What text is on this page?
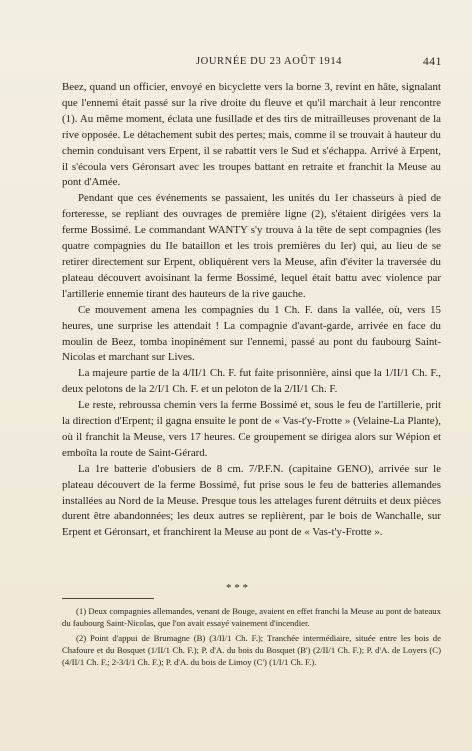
JOURNÉE DU 23 AOÛT 1914	441

Beez, quand un officier, envoyé en bicyclette vers la borne 3, revint en hâte, signalant que l'ennemi était passé sur la rive droite du fleuve et qu'il marchait à leur rencontre (1). Au même moment, éclata une fusillade et des tirs de mitrailleuses provenant de la rive opposée. Le détachement subit des pertes; mais, comme il se trouvait à hauteur du chemin conduisant vers Erpent, il se rabattit vers le Sud et s'échappa. Arrivé à Erpent, il s'écoula vers Géronsart avec les troupes battant en retraite et franchit la Meuse au pont d'Amée.

Pendant que ces événements se passaient, les unités du 1er chasseurs à pied de forteresse, se repliant des ouvrages de première ligne (2), s'étaient dirigées vers la ferme Bossimé. Le commandant WANTY s'y trouva à la tête de sept compagnies (les quatre compagnies du IIe bataillon et les trois premières du Ier) qui, au lieu de se retirer directement sur Erpent, obliquèrent vers la Meuse, afin d'éviter la traversée du plateau découvert avoisinant la ferme Bossimé, lequel était battu avec violence par l'artillerie ennemie tirant des hauteurs de la rive gauche.

Ce mouvement amena les compagnies du 1 Ch. F. dans la vallée, où, vers 15 heures, une surprise les attendait ! La compagnie d'avant-garde, arrivée en face du moulin de Beez, tomba inopinément sur l'ennemi, passé au pont du faubourg Saint-Nicolas et marchant sur Lives.

La majeure partie de la 4/II/1 Ch. F. fut faite prisonnière, ainsi que la 1/II/1 Ch. F., deux pelotons de la 2/I/1 Ch. F. et un peloton de la 2/II/1 Ch. F.

Le reste, rebroussa chemin vers la ferme Bossimé et, sous le feu de l'artillerie, prit la direction d'Erpent; il gagna ensuite le pont de « Vas-t'y-Frotte » (Velaine-La Plante), où il franchit la Meuse, vers 17 heures. Ce groupement se dirigea alors sur Wépion et emboîta la route de Saint-Gérard.

La 1re batterie d'obusiers de 8 cm. 7/P.F.N. (capitaine GENO), arrivée sur le plateau découvert de la ferme Bossimé, fut prise sous le feu de batteries allemandes installées au Nord de la Meuse. Presque tous les attelages furent détruits et deux pièces durent être abandonnées; les deux autres se replièrent, par le bois de Wanchalle, sur Erpent et Géronsart, et franchirent la Meuse au pont de « Vas-t'y-Frotte ».

* * *

(1) Deux compagnies allemandes, venant de Bouge, avaient en effet franchi la Meuse au pont de bateaux du faubourg Saint-Nicolas, que l'on avait essayé vainement d'incendier.

(2) Point d'appui de Brumagne (B) (3/II/1 Ch. F.); Tranchée intermédiaire, située entre les bois de Chafoure et du Bosquet (1/II/1 Ch. F.); P. d'A. du bois du Bosquet (B') (2/II/1 Ch. F.); P. d'A. de Loyers (C) (4/II/1 Ch. F.; 2-3/I/1 Ch. F.); P. d'A. du bois de Limoy (C') (1/I/1 Ch. F.).
